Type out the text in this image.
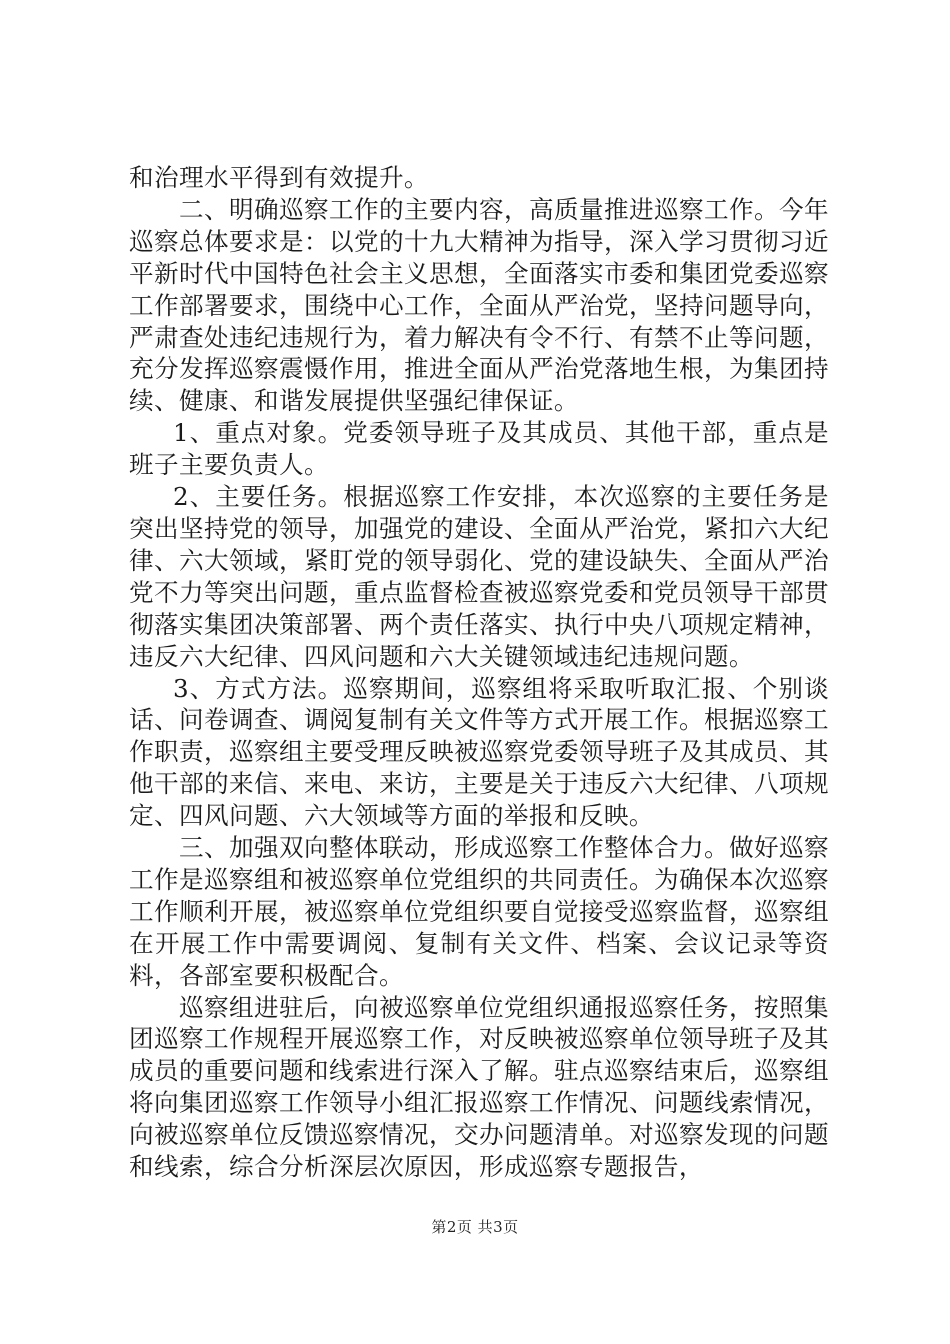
和治理水平得到有效提升。

二、明确巡察工作的主要内容，高质量推进巡察工作。今年巡察总体要求是：以党的十九大精神为指导，深入学习贯彻习近平新时代中国特色社会主义思想，全面落实市委和集团党委巡察工作部署要求，围绕中心工作，全面从严治党，坚持问题导向，严肃查处违纪违规行为，着力解决有令不行、有禁不止等问题，充分发挥巡察震慑作用，推进全面从严治党落地生根，为集团持续、健康、和谐发展提供坚强纪律保证。

1、重点对象。党委领导班子及其成员、其他干部，重点是班子主要负责人。

2、主要任务。根据巡察工作安排，本次巡察的主要任务是突出坚持党的领导，加强党的建设、全面从严治党，紧扣六大纪律、六大领域，紧盯党的领导弱化、党的建设缺失、全面从严治党不力等突出问题，重点监督检查被巡察党委和党员领导干部贯彻落实集团决策部署、两个责任落实、执行中央八项规定精神，违反六大纪律、四风问题和六大关键领域违纪违规问题。

3、方式方法。巡察期间，巡察组将采取听取汇报、个别谈话、问卷调查、调阅复制有关文件等方式开展工作。根据巡察工作职责，巡察组主要受理反映被巡察党委领导班子及其成员、其他干部的来信、来电、来访，主要是关于违反六大纪律、八项规定、四风问题、六大领域等方面的举报和反映。

三、加强双向整体联动，形成巡察工作整体合力。做好巡察工作是巡察组和被巡察单位党组织的共同责任。为确保本次巡察工作顺利开展，被巡察单位党组织要自觉接受巡察监督，巡察组在开展工作中需要调阅、复制有关文件、档案、会议记录等资料，各部室要积极配合。

巡察组进驻后，向被巡察单位党组织通报巡察任务，按照集团巡察工作规程开展巡察工作，对反映被巡察单位领导班子及其成员的重要问题和线索进行深入了解。驻点巡察结束后，巡察组将向集团巡察工作领导小组汇报巡察工作情况、问题线索情况，向被巡察单位反馈巡察情况，交办问题清单。对巡察发现的问题和线索，综合分析深层次原因，形成巡察专题报告，

第2页 共3页
